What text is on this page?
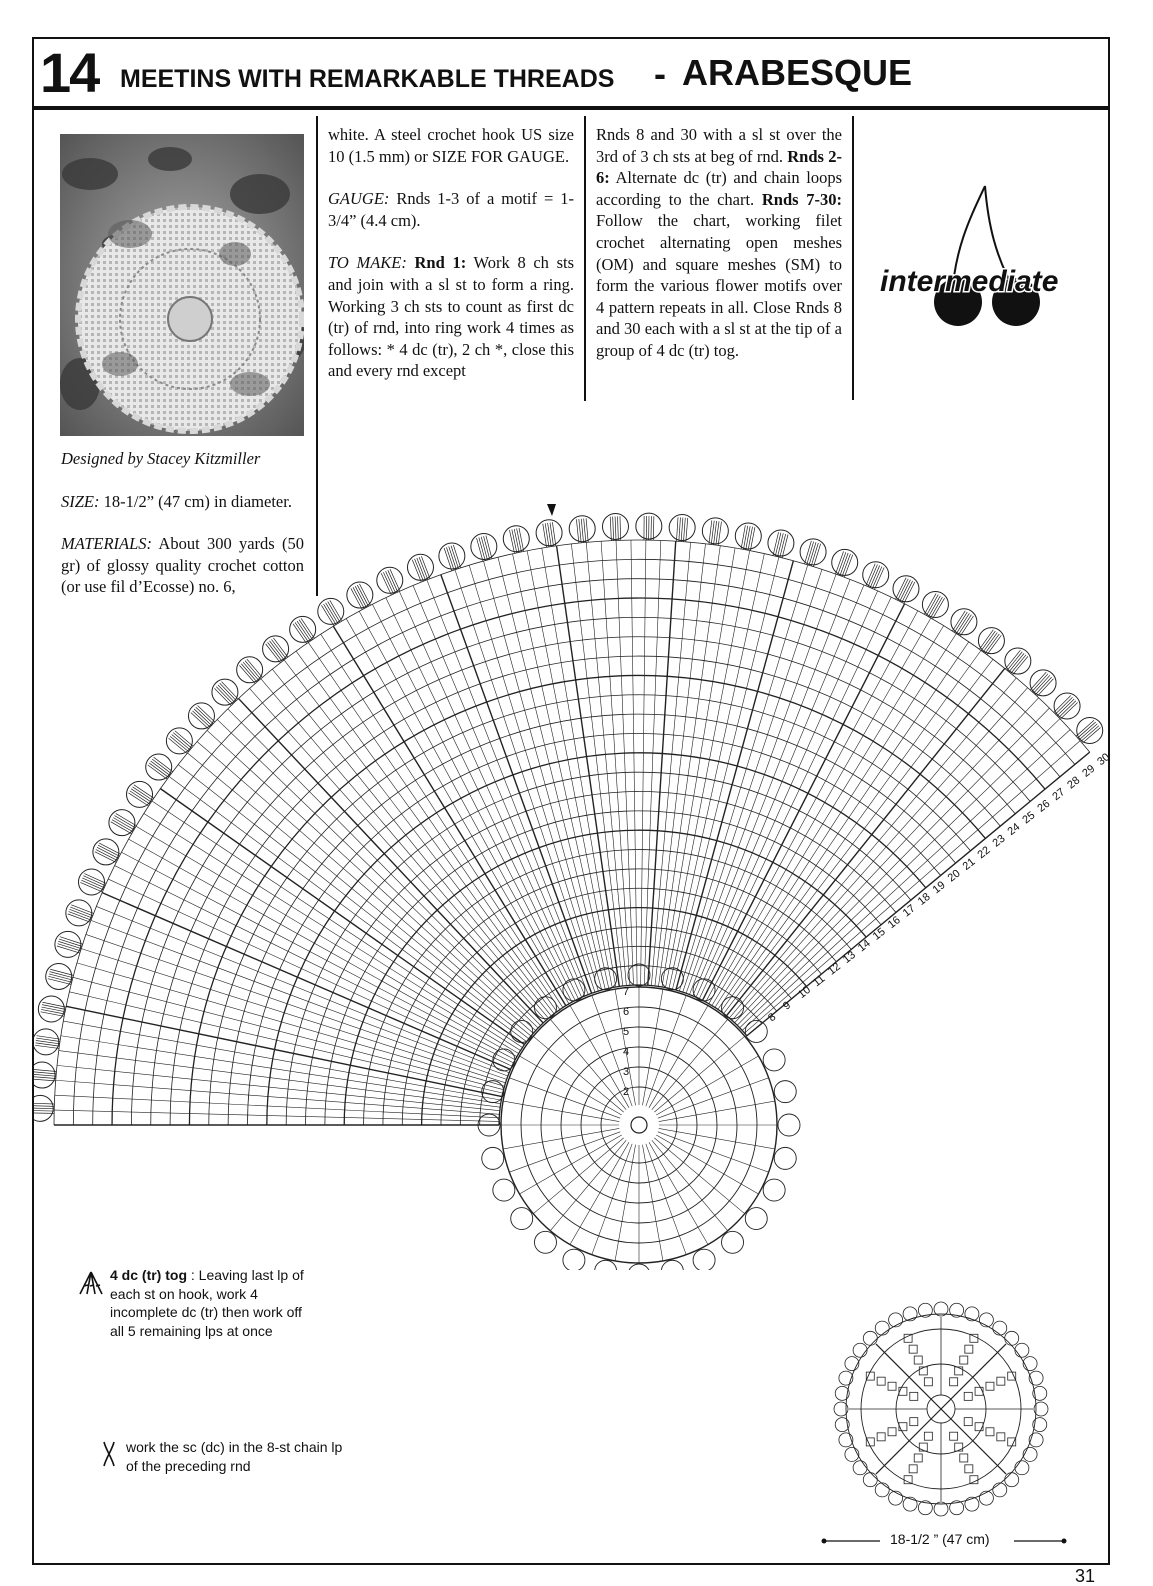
14 MEETINS WITH REMARKABLE THREADS - ARABESQUE

Designed by Stacey Kitzmiller

SIZE: 18-1/2” (47 cm) in diameter.

MATERIALS: About 300 yards (50 gr) of glossy quality crochet cotton (or use fil d’Ecosse) no. 6,

white. A steel crochet hook US size 10 (1.5 mm) or SIZE FOR GAUGE.

GAUGE: Rnds 1-3 of a motif = 1-3/4” (4.4 cm).

TO MAKE: Rnd 1: Work 8 ch sts and join with a sl st to form a ring. Working 3 ch sts to count as first dc (tr) of rnd, into ring work 4 times as follows: * 4 dc (tr), 2 ch *, close this and every rnd except

Rnds 8 and 30 with a sl st over the 3rd of 3 ch sts at beg of rnd. Rnds 2-6: Alternate dc (tr) and chain loops according to the chart. Rnds 7-30: Follow the chart, working filet crochet alternating open meshes (OM) and square meshes (SM) to form the various flower motifs over 4 pattern repeats in all. Close Rnds 8 and 30 each with a sl st at the tip of a group of 4 dc (tr) tog.

intermediate
2
3
4
5
6
7
8
9
10
11
12
13
14
15
16
17
18
19
20
21
22
23
24
25
26
27
28
29
30
4 dc (tr) tog : Leaving last lp of each st on hook, work 4 incomplete dc (tr) then work off all 5 remaining lps at once
work the sc (dc) in the 8-st chain lp of the preceding rnd
18-1/2 ” (47 cm)
31
